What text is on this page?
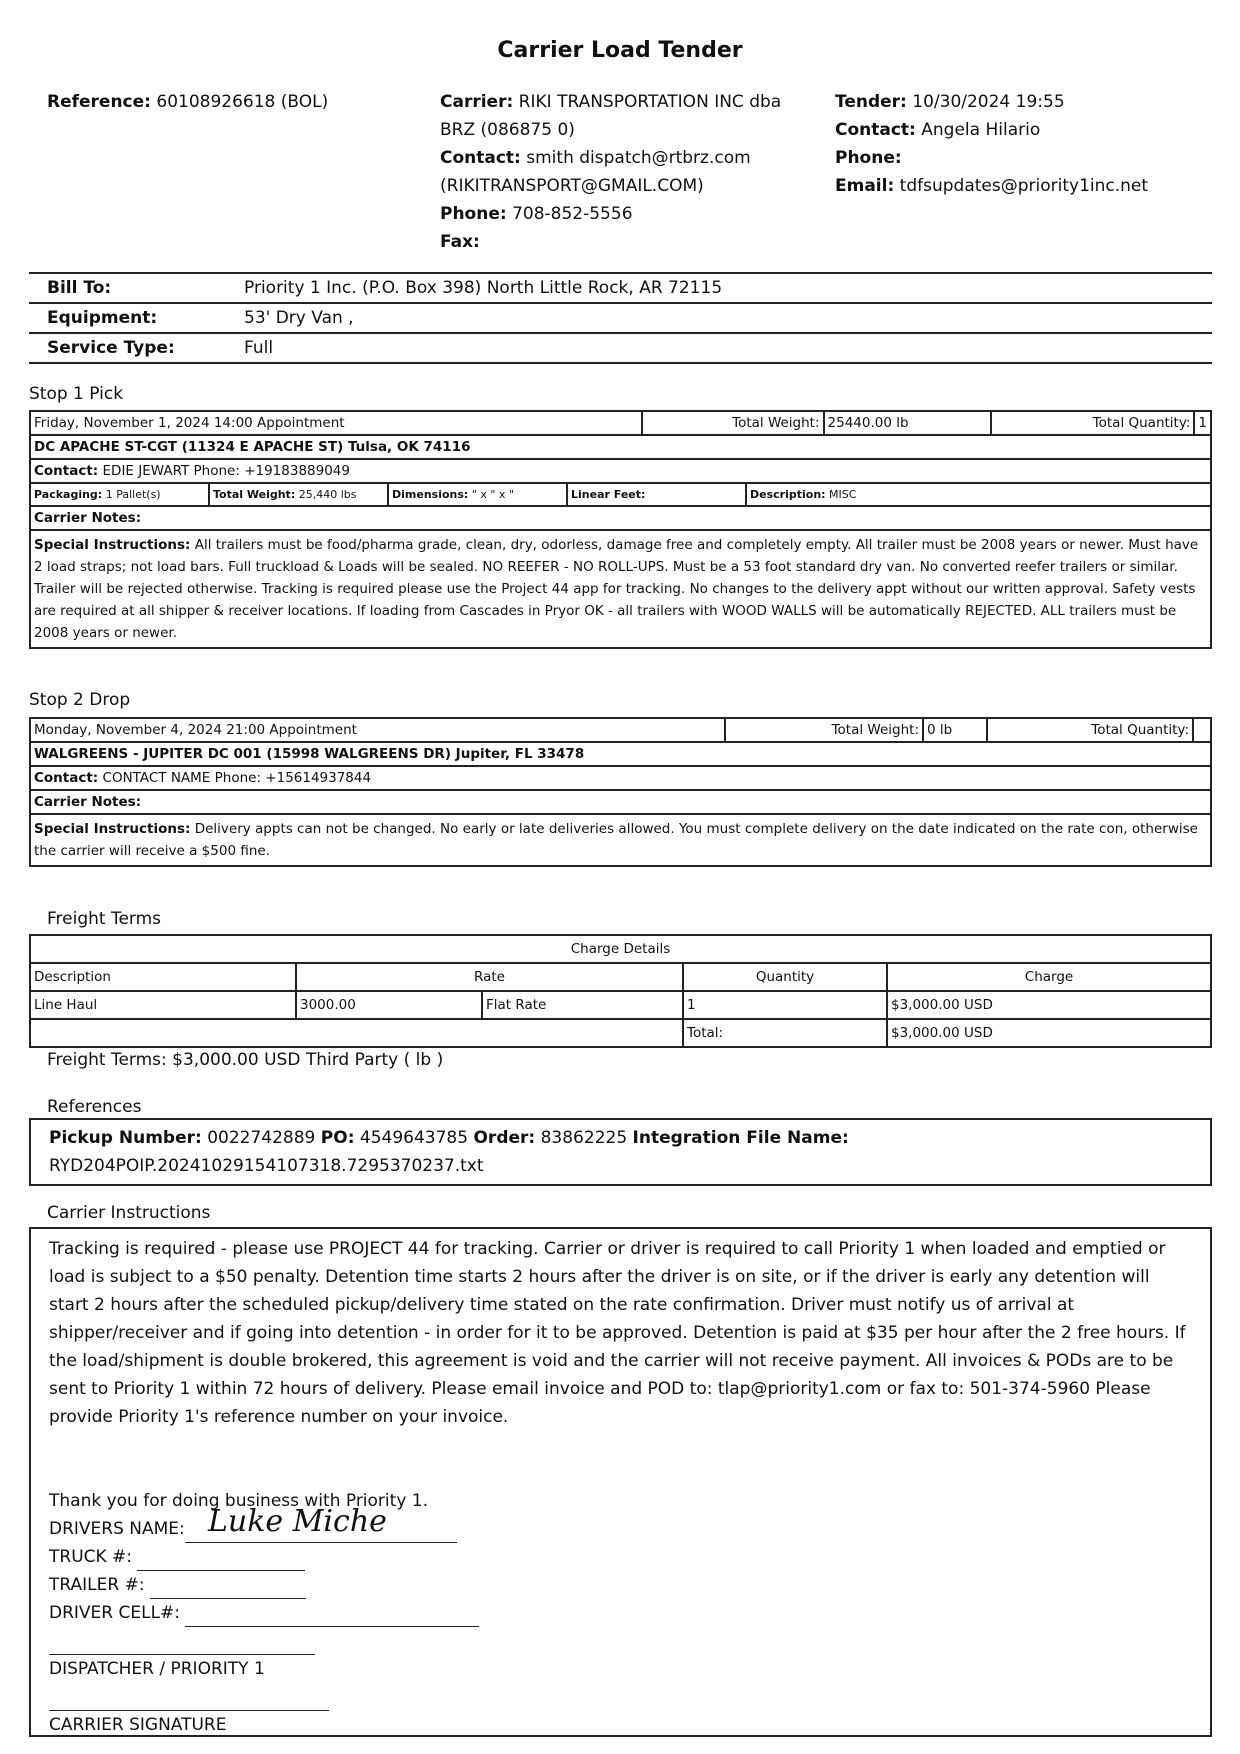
Carrier Load Tender
Reference: 60108926618 (BOL)	Carrier: RIKI TRANSPORTATION INC dba
BRZ (086875 0)
Contact: smith dispatch@rtbrz.com
(RIKITRANSPORT@GMAIL.COM)
Phone: 708-852-5556
Fax:
Tender: 10/30/2024 19:55
Contact: Angela Hilario
Phone:
Email: tdfsupdates@priority1inc.net
Bill To:	Priority 1 Inc. (P.O. Box 398) North Little Rock, AR 72115
Equipment:	53' Dry Van ,
Service Type:	Full
Stop 1 Pick
Friday, November 1, 2024 14:00 Appointment	Total Weight: 25440.00 lb	Total Quantity: 1
DC APACHE ST-CGT (11324 E APACHE ST) Tulsa, OK 74116
Contact: EDIE JEWART Phone: +19183889049
Packaging: 1 Pallet(s)	Total Weight: 25,440 lbs	Dimensions: " x " x "	Linear Feet:	Description: MISC
Carrier Notes:
Special Instructions: All trailers must be food/pharma grade, clean, dry, odorless, damage free and completely empty. All trailer must be 2008 years or newer. Must have 2 load straps; not load bars. Full truckload & Loads will be sealed. NO REEFER - NO ROLL-UPS. Must be a 53 foot standard dry van. No converted reefer trailers or similar. Trailer will be rejected otherwise. Tracking is required please use the Project 44 app for tracking. No changes to the delivery appt without our written approval. Safety vests are required at all shipper & receiver locations. If loading from Cascades in Pryor OK - all trailers with WOOD WALLS will be automatically REJECTED. ALL trailers must be 2008 years or newer.
Stop 2 Drop
Monday, November 4, 2024 21:00 Appointment	Total Weight: 0 lb	Total Quantity:
WALGREENS - JUPITER DC 001 (15998 WALGREENS DR) Jupiter, FL 33478
Contact: CONTACT NAME Phone: +15614937844
Carrier Notes:
Special Instructions: Delivery appts can not be changed. No early or late deliveries allowed. You must complete delivery on the date indicated on the rate con, otherwise the carrier will receive a $500 fine.
Freight Terms
Charge Details				
Description	Rate		Quantity	Charge
Line Haul	3000.00	Flat Rate	1	$3,000.00 USD
			Total:	$3,000.00 USD
Freight Terms: $3,000.00 USD Third Party ( lb )
References
Pickup Number: 0022742889 PO: 4549643785 Order: 83862225 Integration File Name:
RYD204POIP.20241029154107318.7295370237.txt
Carrier Instructions
Tracking is required - please use PROJECT 44 for tracking. Carrier or driver is required to call Priority 1 when loaded and emptied or load is subject to a $50 penalty. Detention time starts 2 hours after the driver is on site, or if the driver is early any detention will start 2 hours after the scheduled pickup/delivery time stated on the rate confirmation. Driver must notify us of arrival at shipper/receiver and if going into detention - in order for it to be approved. Detention is paid at $35 per hour after the 2 free hours. If the load/shipment is double brokered, this agreement is void and the carrier will not receive payment. All invoices & PODs are to be sent to Priority 1 within 72 hours of delivery. Please email invoice and POD to: tlap@priority1.com or fax to: 501-374-5960 Please provide Priority 1's reference number on your invoice.
Thank you for doing business with Priority 1.
DRIVERS NAME:
TRUCK #:
TRAILER #:
DRIVER CELL#:
DISPATCHER / PRIORITY 1
CARRIER SIGNATURE
Luke Miche
